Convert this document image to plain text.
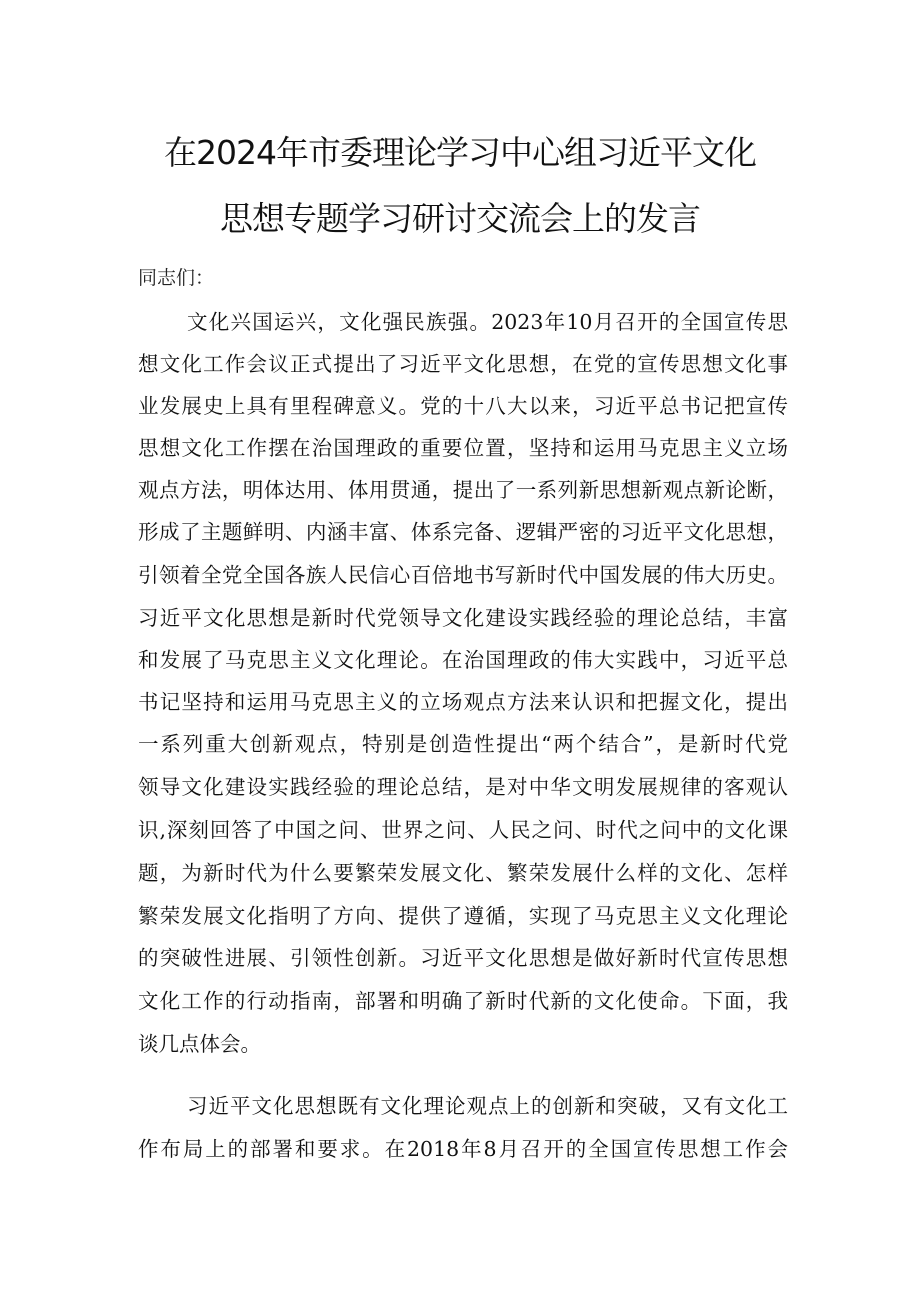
在2024年市委理论学习中心组习近平文化
思想专题学习研讨交流会上的发言
同志们：
文化兴国运兴，文化强民族强。2023年10月召开的全国宣传思
想文化工作会议正式提出了习近平文化思想，在党的宣传思想文化事
业发展史上具有里程碑意义。党的十八大以来，习近平总书记把宣传
思想文化工作摆在治国理政的重要位置，坚持和运用马克思主义立场
观点方法，明体达用、体用贯通，提出了一系列新思想新观点新论断，
形成了主题鲜明、内涵丰富、体系完备、逻辑严密的习近平文化思想，
引领着全党全国各族人民信心百倍地书写新时代中国发展的伟大历史。
习近平文化思想是新时代党领导文化建设实践经验的理论总结，丰富
和发展了马克思主义文化理论。在治国理政的伟大实践中，习近平总
书记坚持和运用马克思主义的立场观点方法来认识和把握文化，提出
一系列重大创新观点，特别是创造性提出“两个结合”，是新时代党
领导文化建设实践经验的理论总结，是对中华文明发展规律的客观认
识,深刻回答了中国之问、世界之问、人民之问、时代之问中的文化课
题，为新时代为什么要繁荣发展文化、繁荣发展什么样的文化、怎样
繁荣发展文化指明了方向、提供了遵循，实现了马克思主义文化理论
的突破性进展、引领性创新。习近平文化思想是做好新时代宣传思想
文化工作的行动指南，部署和明确了新时代新的文化使命。下面，我
谈几点体会。
习近平文化思想既有文化理论观点上的创新和突破，又有文化工
作布局上的部署和要求。在2018年8月召开的全国宣传思想工作会
